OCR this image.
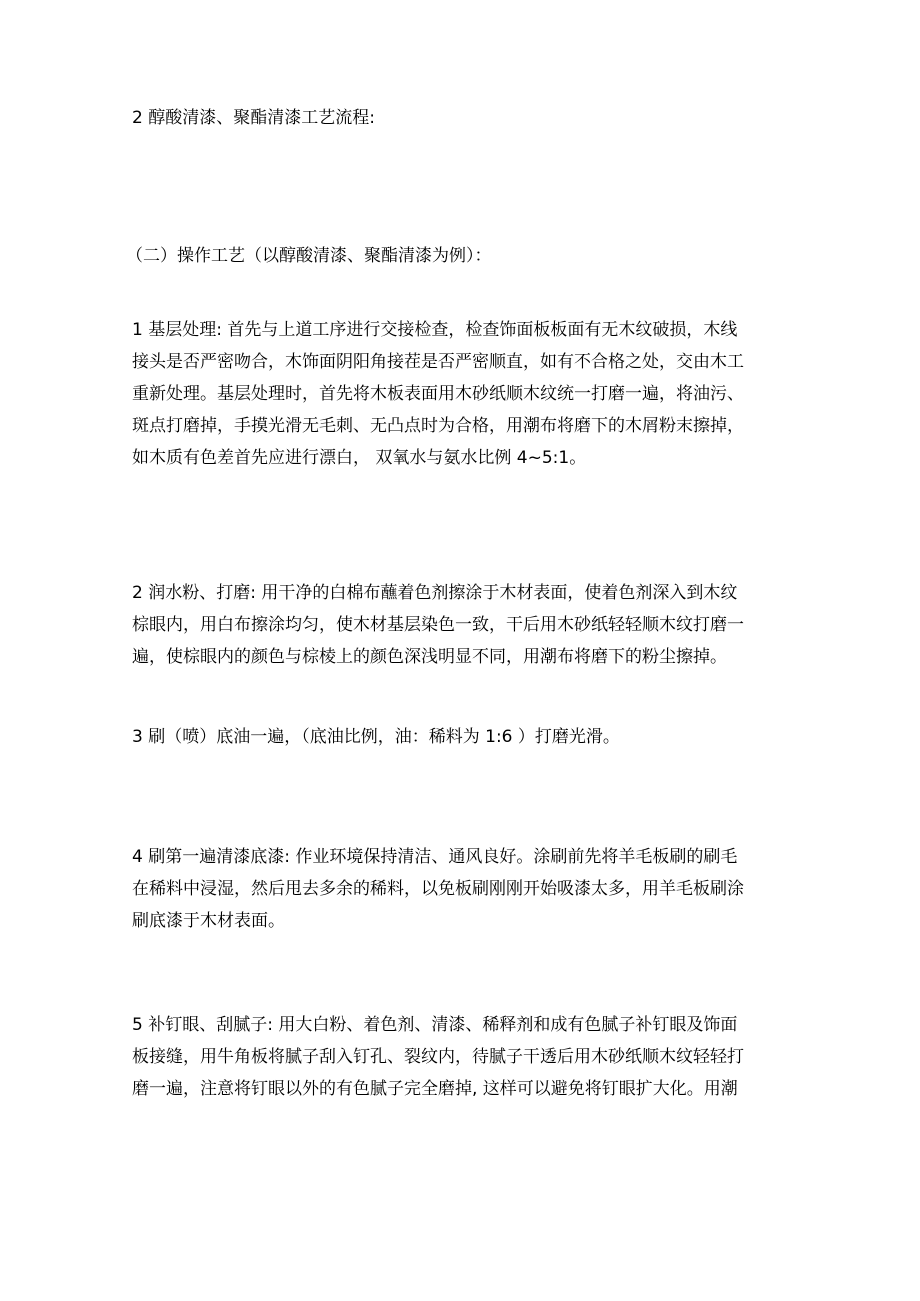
2 醇酸清漆、聚酯清漆工艺流程:
（二）操作工艺（以醇酸清漆、聚酯清漆为例）：
1 基层处理: 首先与上道工序进行交接检查，检查饰面板板面有无木纹破损，木线
接头是否严密吻合，木饰面阴阳角接茬是否严密顺直，如有不合格之处，交由木工
重新处理。基层处理时，首先将木板表面用木砂纸顺木纹统一打磨一遍，将油污、
斑点打磨掉，手摸光滑无毛刺、无凸点时为合格，用潮布将磨下的木屑粉末擦掉，
如木质有色差首先应进行漂白， 双氧水与氨水比例 4~5:1。
2 润水粉、打磨: 用干净的白棉布蘸着色剂擦涂于木材表面，使着色剂深入到木纹
棕眼内，用白布擦涂均匀，使木材基层染色一致，干后用木砂纸轻轻顺木纹打磨一
遍，使棕眼内的颜色与棕棱上的颜色深浅明显不同，用潮布将磨下的粉尘擦掉。
3 刷（喷）底油一遍，（底油比例，油：稀料为 1:6 ）打磨光滑。
4 刷第一遍清漆底漆: 作业环境保持清洁、通风良好。涂刷前先将羊毛板刷的刷毛
在稀料中浸湿，然后甩去多余的稀料，以免板刷刚刚开始吸漆太多，用羊毛板刷涂
刷底漆于木材表面。
5 补钉眼、刮腻子: 用大白粉、着色剂、清漆、稀释剂和成有色腻子补钉眼及饰面
板接缝，用牛角板将腻子刮入钉孔、裂纹内，待腻子干透后用木砂纸顺木纹轻轻打
磨一遍，注意将钉眼以外的有色腻子完全磨掉, 这样可以避免将钉眼扩大化。用潮
